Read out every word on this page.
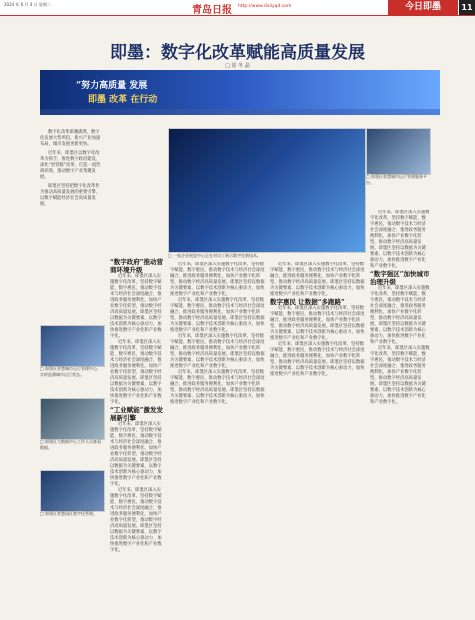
2024 年 6 月 4 日 星期二
青岛日报 http://www.dailyqd.com	今日即墨	11
即墨：数字化改革赋能高质量发展
□ 崔 冬 晶
“努力高质量 发展
即墨 改革 在行动

数字化改革新潮澎湃。数字化发展大势所趋，新兴产业加速布局，城市发展更新更快。

近年来，即墨区以数字化改革为抓手，推进数字政府建设，深化“放管服”改革，打造一流营商环境，推动数字产业集聚发展。

即墨区坚持把数字化改革作为推动高质量发展的重要引擎，以数字赋能经济社会高质量发展。

□ 即墨区智慧城市运行管理中心，实时监测城市运行状态。
□ 即墨区大数据中心工作人员查看数据。
□ 即墨区智慧园区数字化管理。
□ 一家企业展览中心正在对员工展示数字化新技术。
□ 即墨区智慧城市运行管理服务平台。

“数字政府”推动营商环境升级

近年来，即墨区深入实施数字化改革，坚持数字赋能、数字惠民，推动数字技术与经济社会深度融合，推进政务服务便利化，加快产业数字化转型，推动数字经济高质量发展。即墨区坚持以数据为关键要素，以数字技术创新为核心驱动力，加快推进数字产业化和产业数字化。

近年来，即墨区深入实施数字化改革，坚持数字赋能、数字惠民，推动数字技术与经济社会深度融合，推进政务服务便利化，加快产业数字化转型，推动数字经济高质量发展。即墨区坚持以数据为关键要素，以数字技术创新为核心驱动力，加快推进数字产业化和产业数字化。

“工业赋能”激发发展新引擎

近年来，即墨区深入实施数字化改革，坚持数字赋能、数字惠民，推动数字技术与经济社会深度融合，推进政务服务便利化，加快产业数字化转型，推动数字经济高质量发展。即墨区坚持以数据为关键要素，以数字技术创新为核心驱动力，加快推进数字产业化和产业数字化。

近年来，即墨区深入实施数字化改革，坚持数字赋能、数字惠民，推动数字技术与经济社会深度融合，推进政务服务便利化，加快产业数字化转型，推动数字经济高质量发展。即墨区坚持以数据为关键要素，以数字技术创新为核心驱动力，加快推进数字产业化和产业数字化。

近年来，即墨区深入实施数字化改革，坚持数字赋能、数字惠民，推动数字技术与经济社会深度融合，推进政务服务便利化，加快产业数字化转型，推动数字经济高质量发展。即墨区坚持以数据为关键要素，以数字技术创新为核心驱动力，加快推进数字产业化和产业数字化。

近年来，即墨区深入实施数字化改革，坚持数字赋能、数字惠民，推动数字技术与经济社会深度融合，推进政务服务便利化，加快产业数字化转型，推动数字经济高质量发展。即墨区坚持以数据为关键要素，以数字技术创新为核心驱动力，加快推进数字产业化和产业数字化。

近年来，即墨区深入实施数字化改革，坚持数字赋能、数字惠民，推动数字技术与经济社会深度融合，推进政务服务便利化，加快产业数字化转型，推动数字经济高质量发展。即墨区坚持以数据为关键要素，以数字技术创新为核心驱动力，加快推进数字产业化和产业数字化。

近年来，即墨区深入实施数字化改革，坚持数字赋能、数字惠民，推动数字技术与经济社会深度融合，推进政务服务便利化，加快产业数字化转型，推动数字经济高质量发展。即墨区坚持以数据为关键要素，以数字技术创新为核心驱动力，加快推进数字产业化和产业数字化。

近年来，即墨区深入实施数字化改革，坚持数字赋能、数字惠民，推动数字技术与经济社会深度融合，推进政务服务便利化，加快产业数字化转型，推动数字经济高质量发展。即墨区坚持以数据为关键要素，以数字技术创新为核心驱动力，加快推进数字产业化和产业数字化。

数字惠民 让数据“多跑路”

近年来，即墨区深入实施数字化改革，坚持数字赋能、数字惠民，推动数字技术与经济社会深度融合，推进政务服务便利化，加快产业数字化转型，推动数字经济高质量发展。即墨区坚持以数据为关键要素，以数字技术创新为核心驱动力，加快推进数字产业化和产业数字化。

近年来，即墨区深入实施数字化改革，坚持数字赋能、数字惠民，推动数字技术与经济社会深度融合，推进政务服务便利化，加快产业数字化转型，推动数字经济高质量发展。即墨区坚持以数据为关键要素，以数字技术创新为核心驱动力，加快推进数字产业化和产业数字化。

近年来，即墨区深入实施数字化改革，坚持数字赋能、数字惠民，推动数字技术与经济社会深度融合，推进政务服务便利化，加快产业数字化转型，推动数字经济高质量发展。即墨区坚持以数据为关键要素，以数字技术创新为核心驱动力，加快推进数字产业化和产业数字化。

“数字强区”加快城市治理升级

近年来，即墨区深入实施数字化改革，坚持数字赋能、数字惠民，推动数字技术与经济社会深度融合，推进政务服务便利化，加快产业数字化转型，推动数字经济高质量发展。即墨区坚持以数据为关键要素，以数字技术创新为核心驱动力，加快推进数字产业化和产业数字化。

近年来，即墨区深入实施数字化改革，坚持数字赋能、数字惠民，推动数字技术与经济社会深度融合，推进政务服务便利化，加快产业数字化转型，推动数字经济高质量发展。即墨区坚持以数据为关键要素，以数字技术创新为核心驱动力，加快推进数字产业化和产业数字化。
